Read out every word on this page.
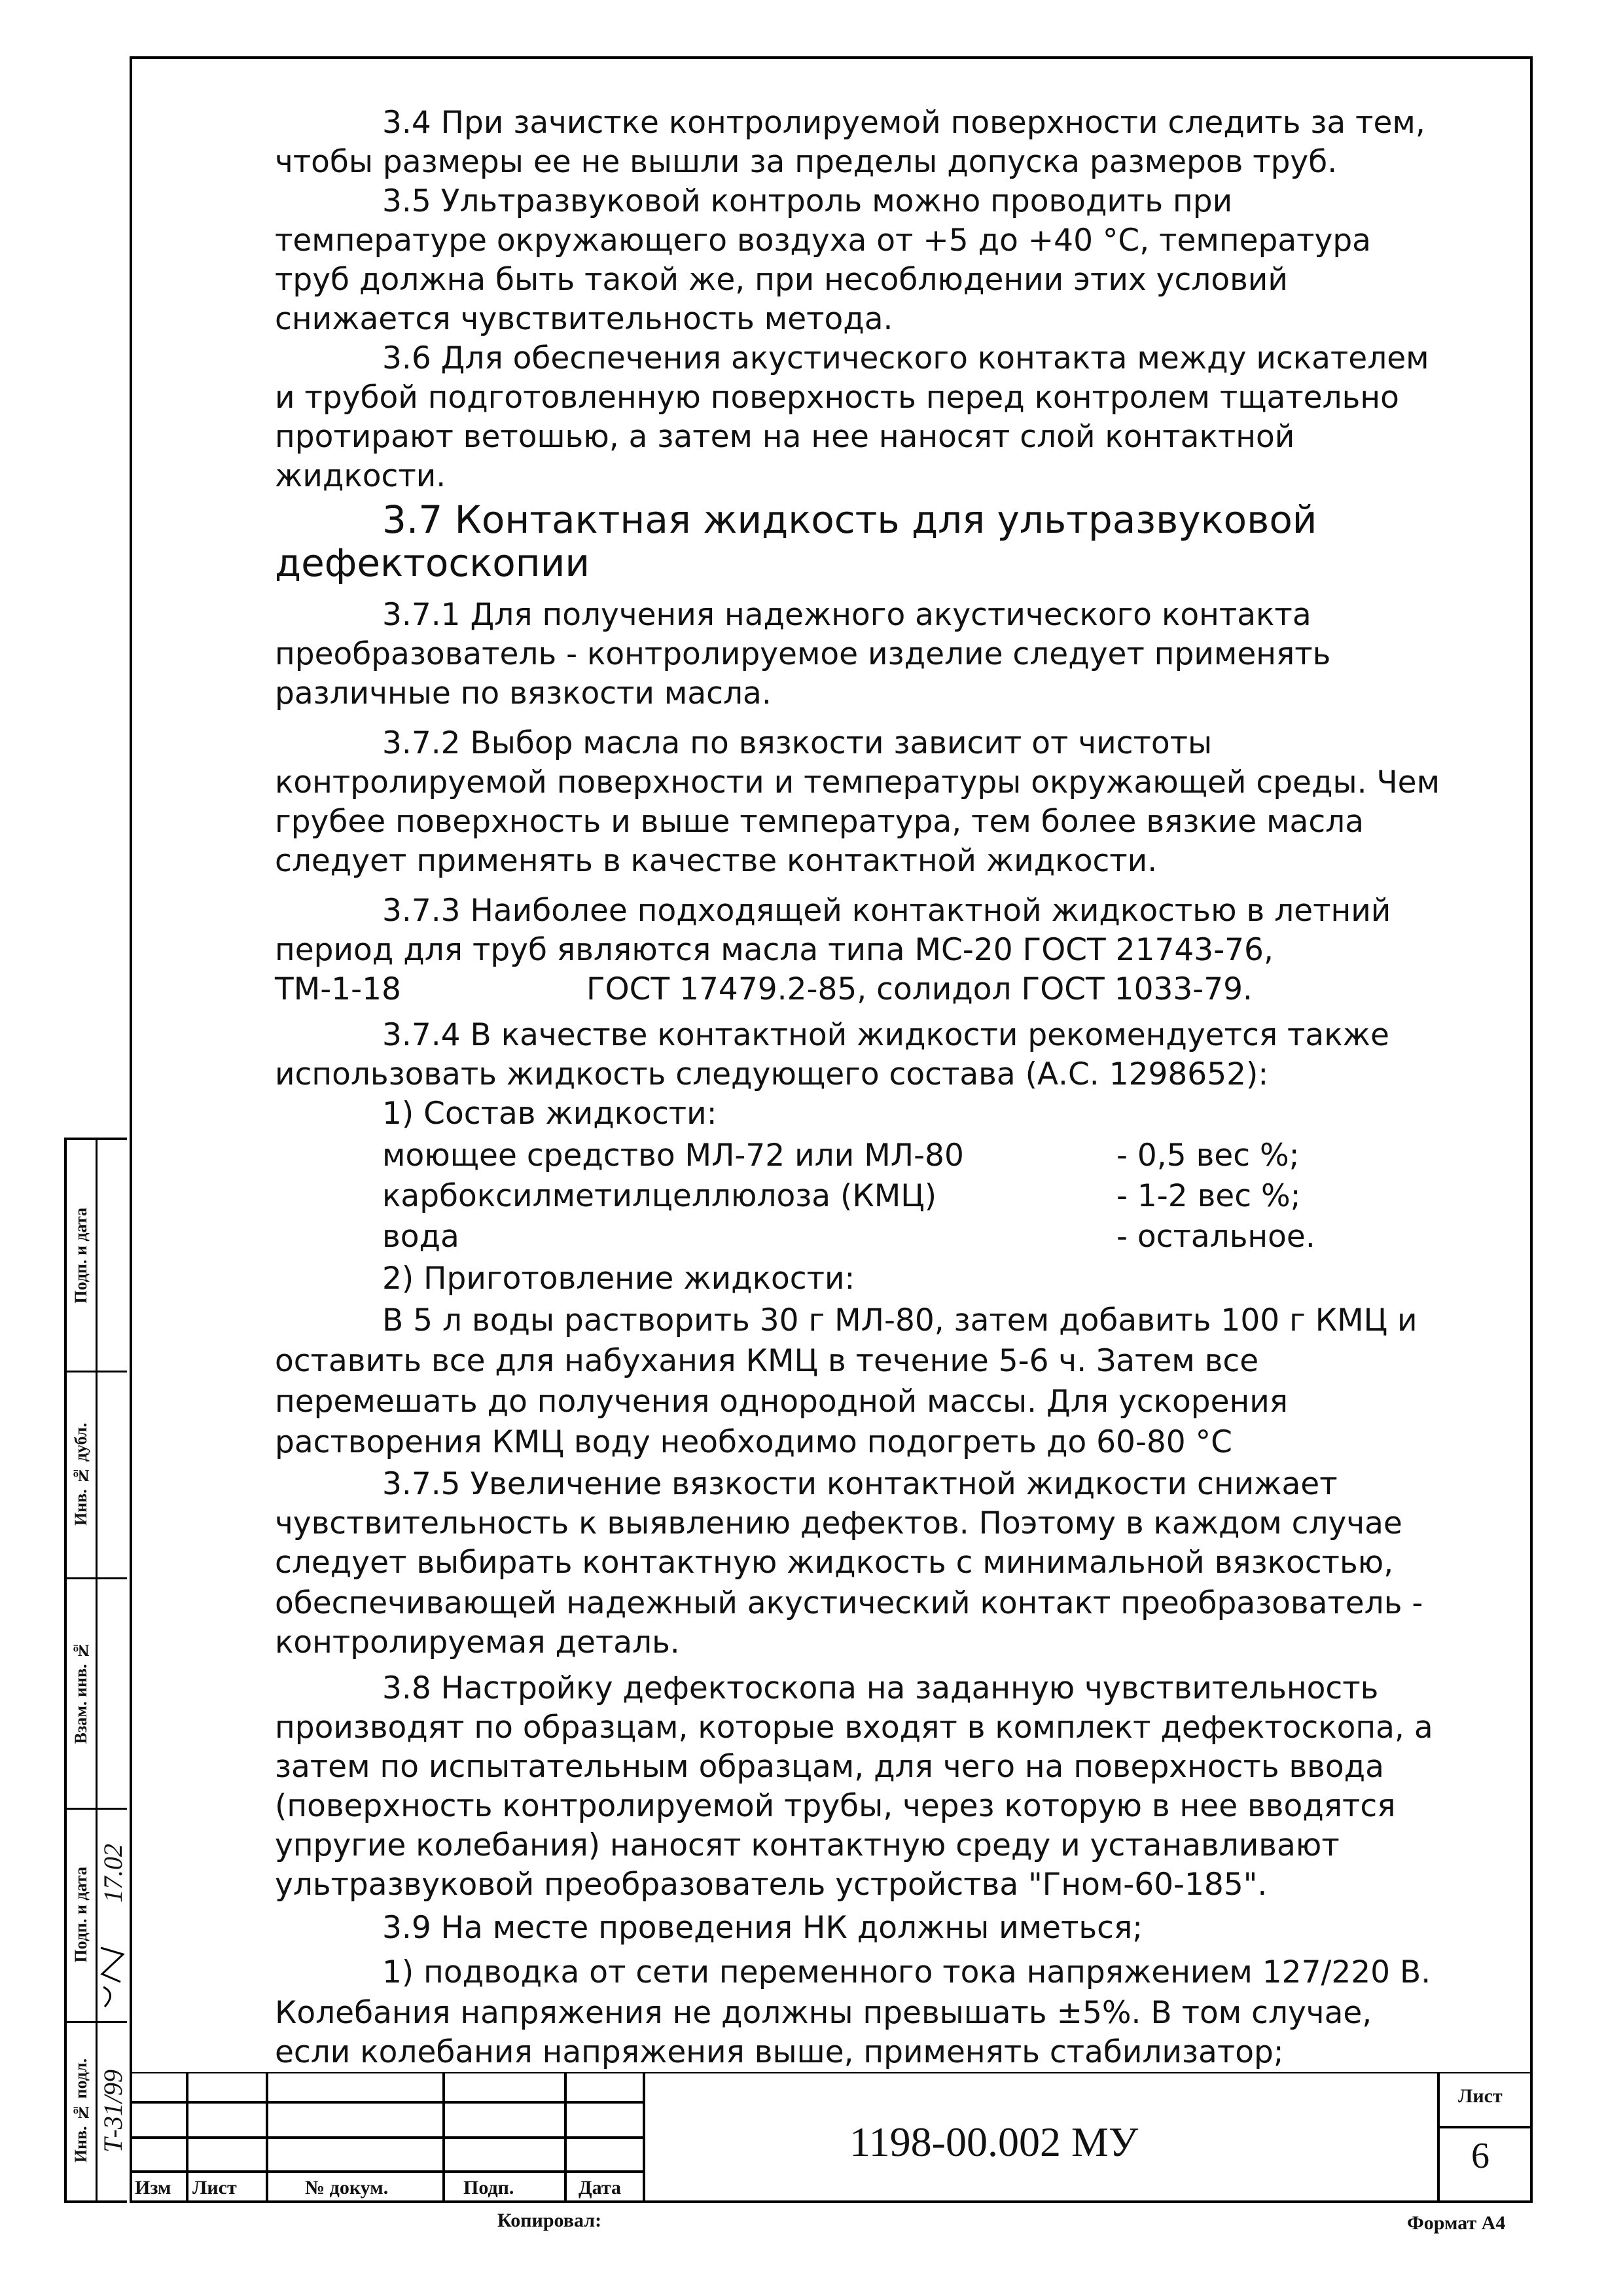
Подп. и дата
Инв. № дубл.
Взам. инв. №
Подп. и дата
Инв. № подл.
17.02
Т-31/99
3.4 При зачистке контролируемой поверхности следить за тем,
чтобы размеры ее не вышли за пределы допуска размеров труб.
3.5 Ультразвуковой контроль можно проводить при
температуре окружающего воздуха от +5 до +40 °С, температура
труб должна быть такой же, при несоблюдении этих условий
снижается чувствительность метода.
3.6 Для обеспечения акустического контакта между искателем
и трубой подготовленную поверхность перед контролем тщательно
протирают ветошью, а затем на нее наносят слой контактной
жидкости.
3.7 Контактная жидкость для ультразвуковой
дефектоскопии
3.7.1 Для получения надежного акустического контакта
преобразователь - контролируемое изделие следует применять
различные по вязкости масла.
3.7.2 Выбор масла по вязкости зависит от чистоты
контролируемой поверхности и температуры окружающей среды. Чем
грубее поверхность и выше температура, тем более вязкие масла
следует применять в качестве контактной жидкости.
3.7.3 Наиболее подходящей контактной жидкостью в летний
период для труб являются масла типа МС-20 ГОСТ 21743-76,
ТМ-1-18	ГОСТ 17479.2-85, солидол ГОСТ 1033-79.
3.7.4 В качестве контактной жидкости рекомендуется также
использовать жидкость следующего состава (А.С. 1298652):
1) Состав жидкости:
моющее средство МЛ-72 или МЛ-80	- 0,5 вес %;
карбоксилметилцеллюлоза (КМЦ)	- 1-2 вес %;
вода	- остальное.
2) Приготовление жидкости:
В 5 л воды растворить 30 г МЛ-80, затем добавить 100 г КМЦ и
оставить все для набухания КМЦ в течение 5-6 ч. Затем все
перемешать до получения однородной массы. Для ускорения
растворения КМЦ воду необходимо подогреть до 60-80 °С
3.7.5 Увеличение вязкости контактной жидкости снижает
чувствительность к выявлению дефектов. Поэтому в каждом случае
следует выбирать контактную жидкость с минимальной вязкостью,
обеспечивающей надежный акустический контакт преобразователь -
контролируемая деталь.
3.8 Настройку дефектоскопа на заданную чувствительность
производят по образцам, которые входят в комплект дефектоскопа, а
затем по испытательным образцам, для чего на поверхность ввода
(поверхность контролируемой трубы, через которую в нее вводятся
упругие колебания) наносят контактную среду и устанавливают
ультразвуковой преобразователь устройства "Гном-60-185".
3.9 На месте проведения НК должны иметься;
1) подводка от сети переменного тока напряжением 127/220 В.
Колебания напряжения не должны превышать ±5%. В том случае,
если колебания напряжения выше, применять стабилизатор;
Изм Лист	№ докум.	Подп.	Дата
1198-00.002 МУ
Лист
6
Копировал:	Формат А4
